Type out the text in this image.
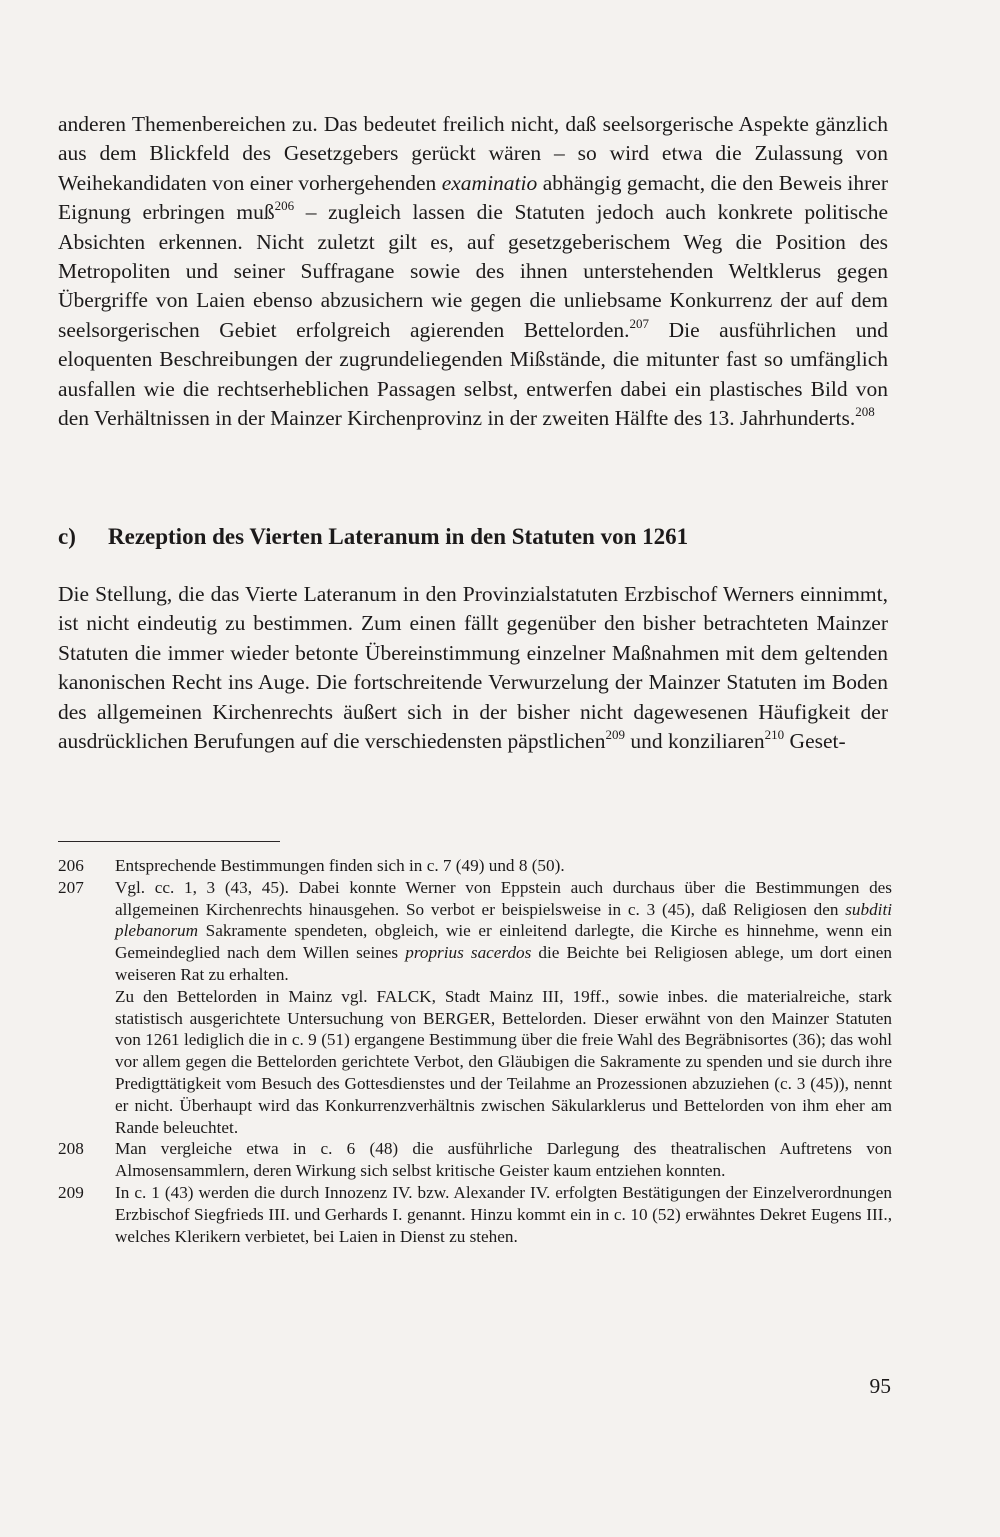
anderen Themenbereichen zu. Das bedeutet freilich nicht, daß seelsorgerische Aspekte gänzlich aus dem Blickfeld des Gesetzgebers gerückt wären – so wird etwa die Zulassung von Weihekandidaten von einer vorhergehenden examinatio abhängig gemacht, die den Beweis ihrer Eignung erbringen muß$^{206}$ – zugleich lassen die Statuten jedoch auch konkrete politische Absichten erkennen. Nicht zuletzt gilt es, auf gesetzgeberischem Weg die Position des Metropoliten und seiner Suffragane sowie des ihnen unterstehenden Weltklerus gegen Übergriffe von Laien ebenso abzusichern wie gegen die unliebsame Konkurrenz der auf dem seelsorgerischen Gebiet erfolgreich agierenden Bettelorden.$^{207}$ Die ausführlichen und eloquenten Beschreibungen der zugrundeliegenden Mißstände, die mitunter fast so umfänglich ausfallen wie die rechtserheblichen Passagen selbst, entwerfen dabei ein plastisches Bild von den Verhältnissen in der Mainzer Kirchenprovinz in der zweiten Hälfte des 13. Jahrhunderts.$^{208}$

c) Rezeption des Vierten Lateranum in den Statuten von 1261

Die Stellung, die das Vierte Lateranum in den Provinzialstatuten Erzbischof Werners einnimmt, ist nicht eindeutig zu bestimmen. Zum einen fällt gegenüber den bisher betrachteten Mainzer Statuten die immer wieder betonte Übereinstimmung einzelner Maßnahmen mit dem geltenden kanonischen Recht ins Auge. Die fortschreitende Verwurzelung der Mainzer Statuten im Boden des allgemeinen Kirchenrechts äußert sich in der bisher nicht dagewesenen Häufigkeit der ausdrücklichen Berufungen auf die verschiedensten päpstlichen$^{209}$ und konziliaren$^{210}$ Geset-

206	Entsprechende Bestimmungen finden sich in c. 7 (49) und 8 (50).

207	Vgl. cc. 1, 3 (43, 45). Dabei konnte Werner von Eppstein auch durchaus über die Bestimmungen des allgemeinen Kirchenrechts hinausgehen. So verbot er beispielsweise in c. 3 (45), daß Religiosen den subditi plebanorum Sakramente spendeten, obgleich, wie er einleitend darlegte, die Kirche es hinnehme, wenn ein Gemeindeglied nach dem Willen seines proprius sacerdos die Beichte bei Religiosen ablege, um dort einen weiseren Rat zu erhalten.

Zu den Bettelorden in Mainz vgl. FALCK, Stadt Mainz III, 19ff., sowie inbes. die materialreiche, stark statistisch ausgerichtete Untersuchung von BERGER, Bettelorden. Dieser erwähnt von den Mainzer Statuten von 1261 lediglich die in c. 9 (51) ergangene Bestimmung über die freie Wahl des Begräbnisortes (36); das wohl vor allem gegen die Bettelorden gerichtete Verbot, den Gläubigen die Sakramente zu spenden und sie durch ihre Predigttätigkeit vom Besuch des Gottesdienstes und der Teilahme an Prozessionen abzuziehen (c. 3 (45)), nennt er nicht. Überhaupt wird das Konkurrenzverhältnis zwischen Säkularklerus und Bettelorden von ihm eher am Rande beleuchtet.

208	Man vergleiche etwa in c. 6 (48) die ausführliche Darlegung des theatralischen Auftretens von Almosensammlern, deren Wirkung sich selbst kritische Geister kaum entziehen konnten.

209	In c. 1 (43) werden die durch Innozenz IV. bzw. Alexander IV. erfolgten Bestätigungen der Einzelverordnungen Erzbischof Siegfrieds III. und Gerhards I. genannt. Hinzu kommt ein in c. 10 (52) erwähntes Dekret Eugens III., welches Klerikern verbietet, bei Laien in Dienst zu stehen.

95
